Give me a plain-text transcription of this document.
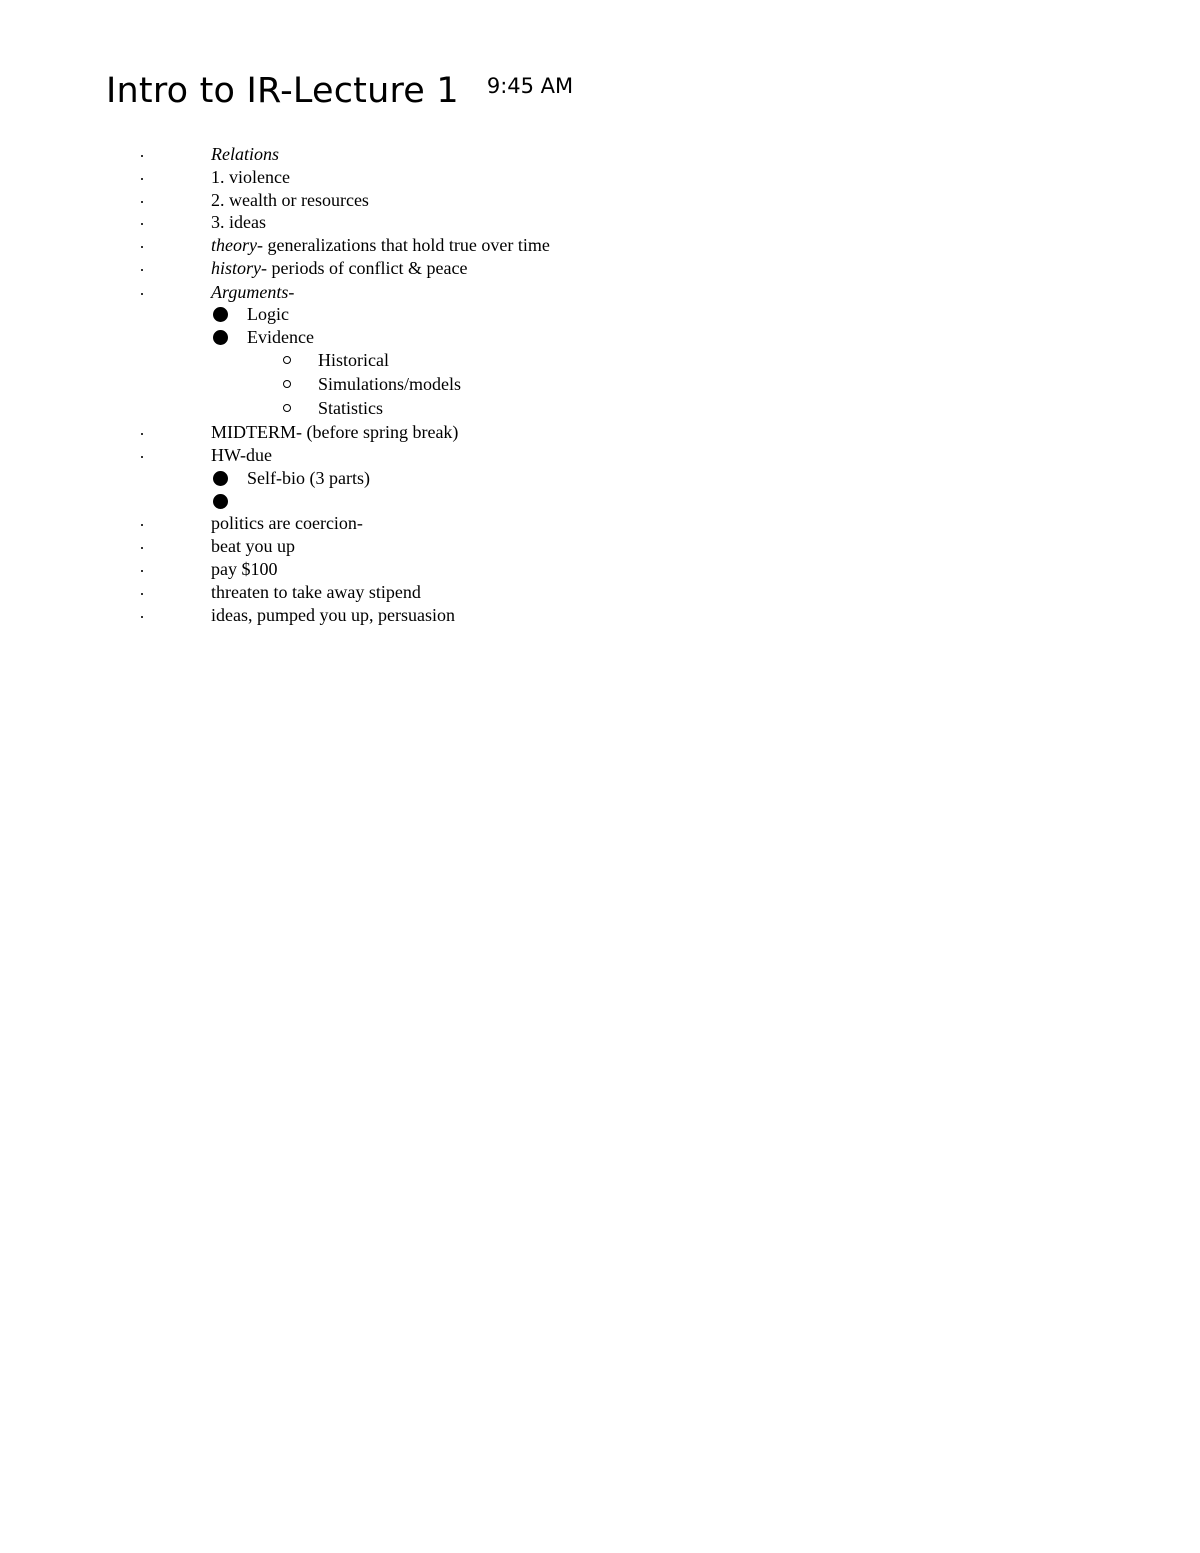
Intro to IR-Lecture 1 9:45 AM
Relations
1. violence
2. wealth or resources
3. ideas
theory- generalizations that hold true over time
history- periods of conflict & peace
Arguments-
Logic
Evidence
Historical
Simulations/models
Statistics
MIDTERM- (before spring break)
HW-due
Self-bio (3 parts)
politics are coercion-
beat you up
pay $100
threaten to take away stipend
ideas, pumped you up, persuasion
